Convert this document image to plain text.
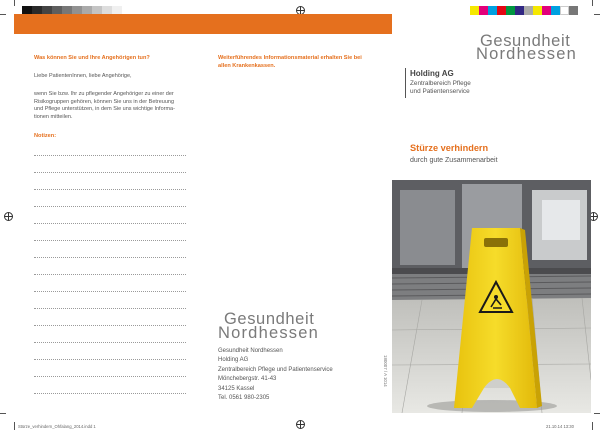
Was können Sie und Ihre Angehörigen tun?
Liebe PatientenInnen, liebe Angehörige,
wenn Sie bzw. Ihr zu pflegender Angehöriger zu einer der
Risikogruppen gehören, können Sie uns in der Betreuung
und Pflege unterstützen, in dem Sie uns wichtige Informa-
tionen mitteilen.
Notizen:
Weiterführendes Informationsmaterial erhalten Sie bei
allen Krankenkassen.
Gesundheit
Nordhessen
Gesundheit Nordhessen
Holding AG
Zentralbereich Pflege und Patientenservice
Mönchebergstr. 41-43
34125 Kassel
Tel. 0561 980-2305
180007 / A 1014
Gesundheit
Nordhessen
Holding AG
Zentralbereich Pflege
und Patientenservice
Stürze verhindern
durch gute Zusammenarbeit
Stürze_verhindern_Ohfalang_2014.indd 1	21.10.14 13:30
